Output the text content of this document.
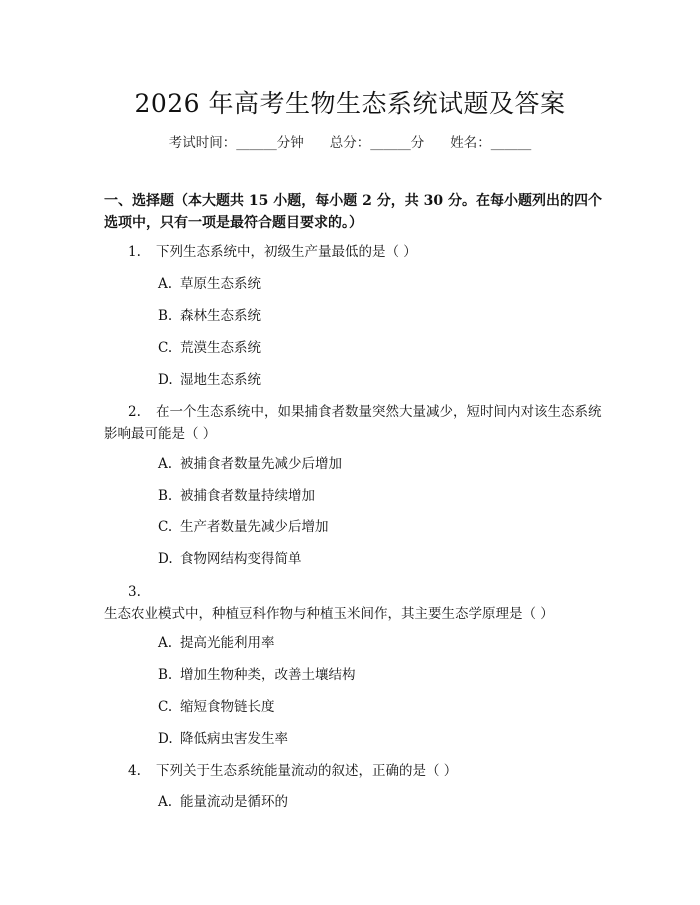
2026 年高考生物生态系统试题及答案
考试时间：______分钟 总分：______分 姓名：______
一、选择题（本大题共 15 小题，每小题 2 分，共 30 分。在每小题列出的四个选项中，只有一项是最符合题目要求的。）
1. 下列生态系统中，初级生产量最低的是（ ）
A. 草原生态系统
B. 森林生态系统
C. 荒漠生态系统
D. 湿地生态系统
2. 在一个生态系统中，如果捕食者数量突然大量减少，短时间内对该生态系统影响最可能是（ ）
A. 被捕食者数量先减少后增加
B. 被捕食者数量持续增加
C. 生产者数量先减少后增加
D. 食物网结构变得简单
3.生态农业模式中，种植豆科作物与种植玉米间作，其主要生态学原理是（ ）
A. 提高光能利用率
B. 增加生物种类，改善土壤结构
C. 缩短食物链长度
D. 降低病虫害发生率
4. 下列关于生态系统能量流动的叙述，正确的是（ ）
A. 能量流动是循环的
